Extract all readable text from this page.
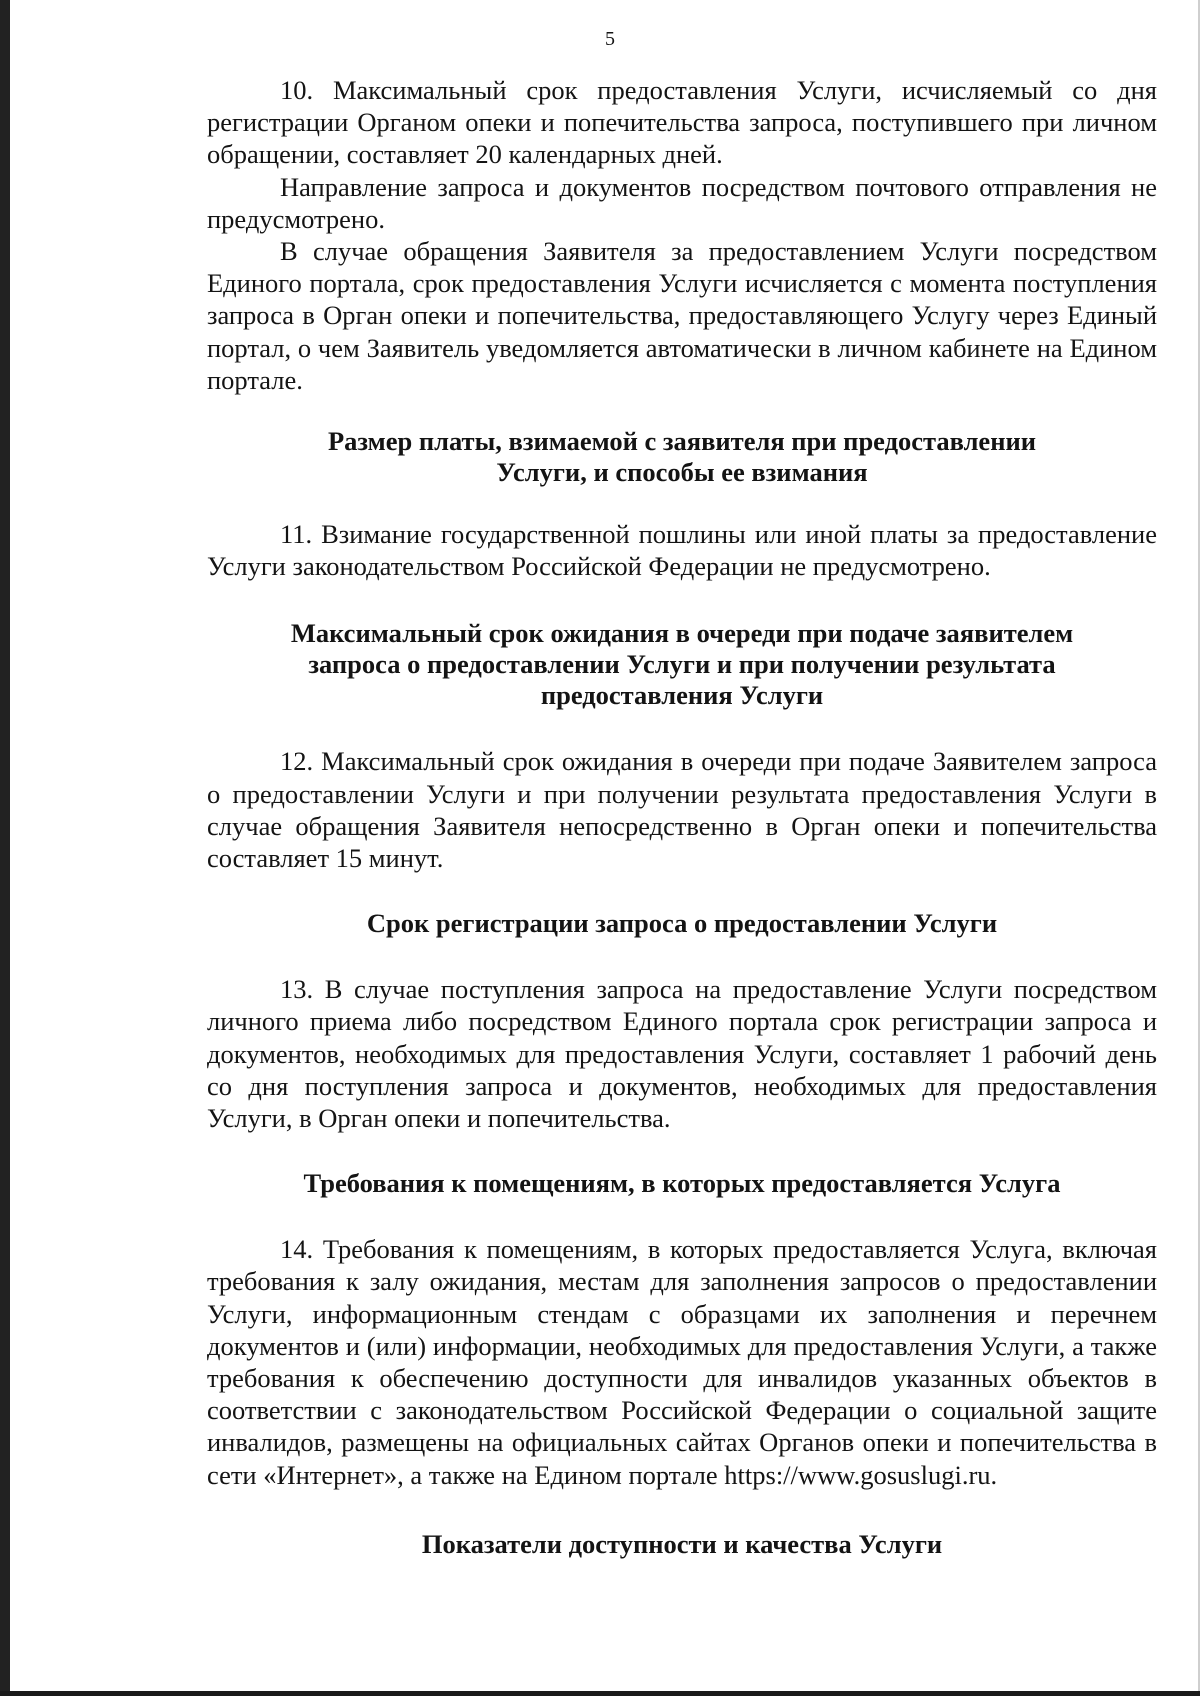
5

10. Максимальный срок предоставления Услуги, исчисляемый со дня регистрации Органом опеки и попечительства запроса, поступившего при личном обращении, составляет 20 календарных дней.

Направление запроса и документов посредством почтового отправления не предусмотрено.

В случае обращения Заявителя за предоставлением Услуги посредством Единого портала, срок предоставления Услуги исчисляется с момента поступления запроса в Орган опеки и попечительства, предоставляющего Услугу через Единый портал, о чем Заявитель уведомляется автоматически в личном кабинете на Едином портале.

Размер платы, взимаемой с заявителя при предоставлении
Услуги, и способы ее взимания

11. Взимание государственной пошлины или иной платы за предоставление Услуги законодательством Российской Федерации не предусмотрено.

Максимальный срок ожидания в очереди при подаче заявителем
запроса о предоставлении Услуги и при получении результата
предоставления Услуги

12. Максимальный срок ожидания в очереди при подаче Заявителем запроса о предоставлении Услуги и при получении результата предоставления Услуги в случае обращения Заявителя непосредственно в Орган опеки и попечительства составляет 15 минут.

Срок регистрации запроса о предоставлении Услуги

13. В случае поступления запроса на предоставление Услуги посредством личного приема либо посредством Единого портала срок регистрации запроса и документов, необходимых для предоставления Услуги, составляет 1 рабочий день со дня поступления запроса и документов, необходимых для предоставления Услуги, в Орган опеки и попечительства.

Требования к помещениям, в которых предоставляется Услуга

14. Требования к помещениям, в которых предоставляется Услуга, включая требования к залу ожидания, местам для заполнения запросов о предоставлении Услуги, информационным стендам с образцами их заполнения и перечнем документов и (или) информации, необходимых для предоставления Услуги, а также требования к обеспечению доступности для инвалидов указанных объектов в соответствии с законодательством Российской Федерации о социальной защите инвалидов, размещены на официальных сайтах Органов опеки и попечительства в сети «Интернет», а также на Едином портале https://www.gosuslugi.ru.

Показатели доступности и качества Услуги
